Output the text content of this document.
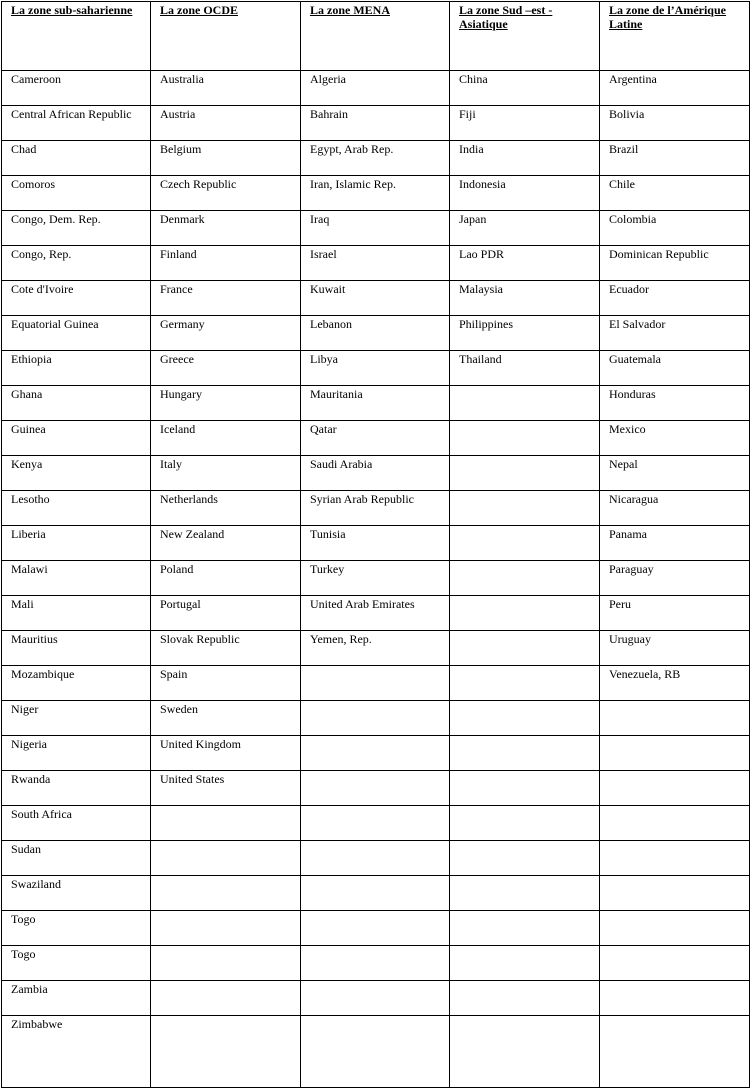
La zone sub-saharienne	La zone OCDE	La zone MENA	La zone Sud –est - Asiatique	La zone de l’Amérique Latine
Cameroon	Australia	Algeria	China	Argentina
Central African Republic	Austria	Bahrain	Fiji	Bolivia
Chad	Belgium	Egypt, Arab Rep.	India	Brazil
Comoros	Czech Republic	Iran, Islamic Rep.	Indonesia	Chile
Congo, Dem. Rep.	Denmark	Iraq	Japan	Colombia
Congo, Rep.	Finland	Israel	Lao PDR	Dominican Republic
Cote d'Ivoire	France	Kuwait	Malaysia	Ecuador
Equatorial Guinea	Germany	Lebanon	Philippines	El Salvador
Ethiopia	Greece	Libya	Thailand	Guatemala
Ghana	Hungary	Mauritania		Honduras
Guinea	Iceland	Qatar		Mexico
Kenya	Italy	Saudi Arabia		Nepal
Lesotho	Netherlands	Syrian Arab Republic		Nicaragua
Liberia	New Zealand	Tunisia		Panama
Malawi	Poland	Turkey		Paraguay
Mali	Portugal	United Arab Emirates		Peru
Mauritius	Slovak Republic	Yemen, Rep.		Uruguay
Mozambique	Spain			Venezuela, RB
Niger	Sweden			
Nigeria	United Kingdom			
Rwanda	United States			
South Africa				
Sudan				
Swaziland				
Togo				
Togo				
Zambia				
Zimbabwe				
